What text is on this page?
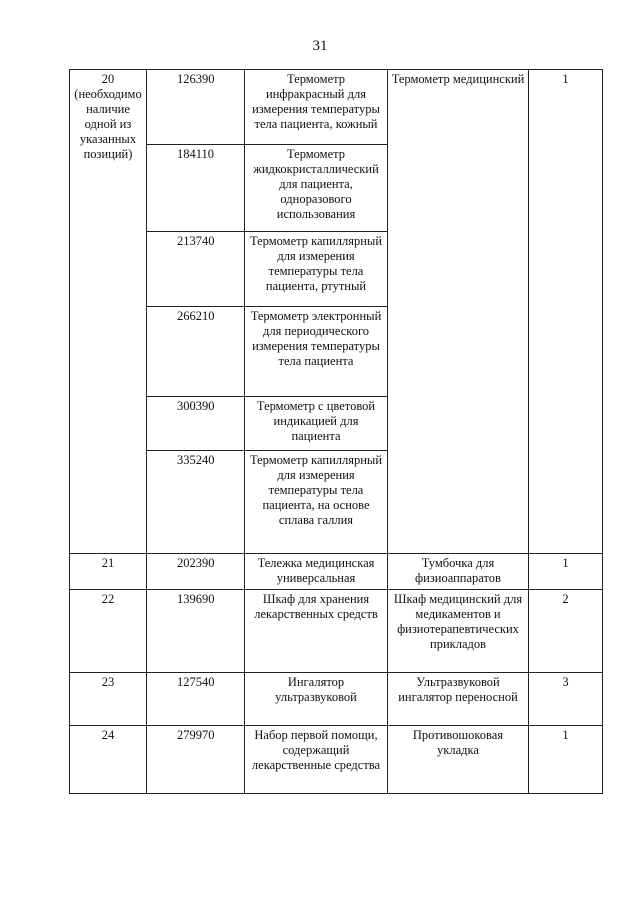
31
20 (необходимо наличие одной из указанных позиций)	126390	Термометр инфракрасный для измерения температуры тела пациента, кожный	Термометр медицинский	1
	184110	Термометр жидкокристаллический для пациента, одноразового использования		
	213740	Термометр капиллярный для измерения температуры тела пациента, ртутный		
	266210	Термометр электронный для периодического измерения температуры тела пациента		
	300390	Термометр с цветовой индикацией для пациента		
	335240	Термометр капиллярный для измерения температуры тела пациента, на основе сплава галлия		
21	202390	Тележка медицинская универсальная	Тумбочка для физиоаппаратов	1
22	139690	Шкаф для хранения лекарственных средств	Шкаф медицинский для медикаментов и физиотерапевтических прикладов	2
23	127540	Ингалятор ультразвуковой	Ультразвуковой ингалятор переносной	3
24	279970	Набор первой помощи, содержащий лекарственные средства	Противошоковая укладка	1
